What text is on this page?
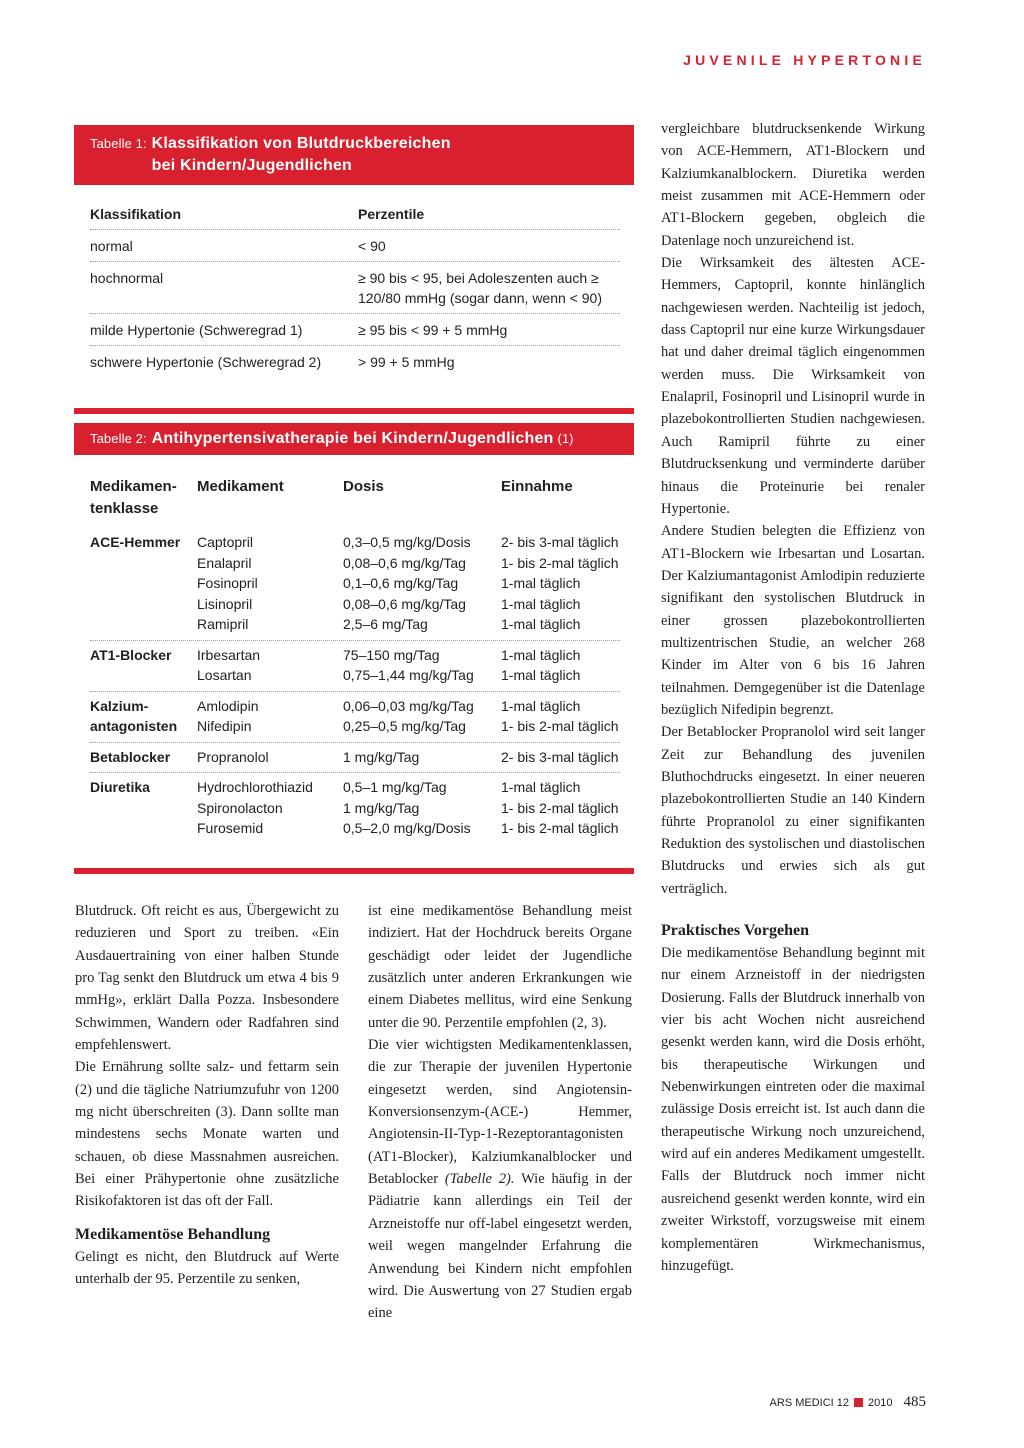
JUVENILE HYPERTONIE
Tabelle 1: Klassifikation von Blutdruckbereichen
bei Kindern/Jugendlichen
Klassifikation	Perzentile
normal	< 90
hochnormal	≥ 90 bis < 95, bei Adoleszenten auch ≥ 120/80 mmHg (sogar dann, wenn < 90)
milde Hypertonie (Schweregrad 1)	≥ 95 bis < 99 + 5 mmHg
schwere Hypertonie (Schweregrad 2)	> 99 + 5 mmHg
Tabelle 2: Antihypertensivatherapie bei Kindern/Jugendlichen (1)
Medikamen-
tenklasse
Medikament	Dosis	Einnahme
ACE-Hemmer	Captopril	0,3–0,5 mg/kg/Dosis	2- bis 3-mal täglich
Enalapril	0,08–0,6 mg/kg/Tag	1- bis 2-mal täglich
Fosinopril	0,1–0,6 mg/kg/Tag	1-mal täglich
Lisinopril	0,08–0,6 mg/kg/Tag	1-mal täglich
Ramipril	2,5–6 mg/Tag	1-mal täglich
AT1-Blocker	Irbesartan	75–150 mg/Tag	1-mal täglich
Losartan	0,75–1,44 mg/kg/Tag	1-mal täglich
Kalzium-
antagonisten
Amlodipin	0,06–0,03 mg/kg/Tag	1-mal täglich
Nifedipin	0,25–0,5 mg/kg/Tag	1- bis 2-mal täglich
Betablocker	Propranolol	1 mg/kg/Tag	2- bis 3-mal täglich
Diuretika	Hydrochlorothiazid	0,5–1 mg/kg/Tag	1-mal täglich
Spironolacton	1 mg/kg/Tag	1- bis 2-mal täglich
Furosemid	0,5–2,0 mg/kg/Dosis	1- bis 2-mal täglich

Blutdruck. Oft reicht es aus, Übergewicht zu reduzieren und Sport zu treiben. «Ein Ausdauertraining von einer halben Stunde pro Tag senkt den Blutdruck um etwa 4 bis 9 mmHg», erklärt Dalla Pozza. Insbesondere Schwimmen, Wandern oder Radfahren sind empfehlenswert.

Die Ernährung sollte salz- und fettarm sein (2) und die tägliche Natriumzufuhr von 1200 mg nicht überschreiten (3). Dann sollte man mindestens sechs Monate warten und schauen, ob diese Massnahmen ausreichen. Bei einer Prähypertonie ohne zusätzliche Risikofaktoren ist das oft der Fall.

Medikamentöse Behandlung

Gelingt es nicht, den Blutdruck auf Werte unterhalb der 95. Perzentile zu senken,

ist eine medikamentöse Behandlung meist indiziert. Hat der Hochdruck bereits Organe geschädigt oder leidet der Jugendliche zusätzlich unter anderen Erkrankungen wie einem Diabetes mellitus, wird eine Senkung unter die 90. Perzentile empfohlen (2, 3).

Die vier wichtigsten Medikamentenklassen, die zur Therapie der juvenilen Hypertonie eingesetzt werden, sind Angiotensin-Konversionsenzym-(ACE-) Hemmer, Angiotensin-II-Typ-1-Rezeptorantagonisten (AT1-Blocker), Kalziumkanalblocker und Betablocker (Tabelle 2). Wie häufig in der Pädiatrie kann allerdings ein Teil der Arzneistoffe nur off-label eingesetzt werden, weil wegen mangelnder Erfahrung die Anwendung bei Kindern nicht empfohlen wird. Die Auswertung von 27 Studien ergab eine

vergleichbare blutdrucksenkende Wirkung von ACE-Hemmern, AT1-Blockern und Kalziumkanalblockern. Diuretika werden meist zusammen mit ACE-Hemmern oder AT1-Blockern gegeben, obgleich die Datenlage noch unzureichend ist.

Die Wirksamkeit des ältesten ACE-Hemmers, Captopril, konnte hinlänglich nachgewiesen werden. Nachteilig ist jedoch, dass Captopril nur eine kurze Wirkungsdauer hat und daher dreimal täglich eingenommen werden muss. Die Wirksamkeit von Enalapril, Fosinopril und Lisinopril wurde in plazebokontrollierten Studien nachgewiesen. Auch Ramipril führte zu einer Blutdrucksenkung und verminderte darüber hinaus die Proteinurie bei renaler Hypertonie.

Andere Studien belegten die Effizienz von AT1-Blockern wie Irbesartan und Losartan. Der Kalziumantagonist Amlodipin reduzierte signifikant den systolischen Blutdruck in einer grossen plazebokontrollierten multizentrischen Studie, an welcher 268 Kinder im Alter von 6 bis 16 Jahren teilnahmen. Demgegenüber ist die Datenlage bezüglich Nifedipin begrenzt.

Der Betablocker Propranolol wird seit langer Zeit zur Behandlung des juvenilen Bluthochdrucks eingesetzt. In einer neueren plazebokontrollierten Studie an 140 Kindern führte Propranolol zu einer signifikanten Reduktion des systolischen und diastolischen Blutdrucks und erwies sich als gut verträglich.

Praktisches Vorgehen

Die medikamentöse Behandlung beginnt mit nur einem Arzneistoff in der niedrigsten Dosierung. Falls der Blutdruck innerhalb von vier bis acht Wochen nicht ausreichend gesenkt werden kann, wird die Dosis erhöht, bis therapeutische Wirkungen und Nebenwirkungen eintreten oder die maximal zulässige Dosis erreicht ist. Ist auch dann die therapeutische Wirkung noch unzureichend, wird auf ein anderes Medikament umgestellt. Falls der Blutdruck noch immer nicht ausreichend gesenkt werden konnte, wird ein zweiter Wirkstoff, vorzugsweise mit einem komplementären Wirkmechanismus, hinzugefügt.

ARS MEDICI 12 2010 485
